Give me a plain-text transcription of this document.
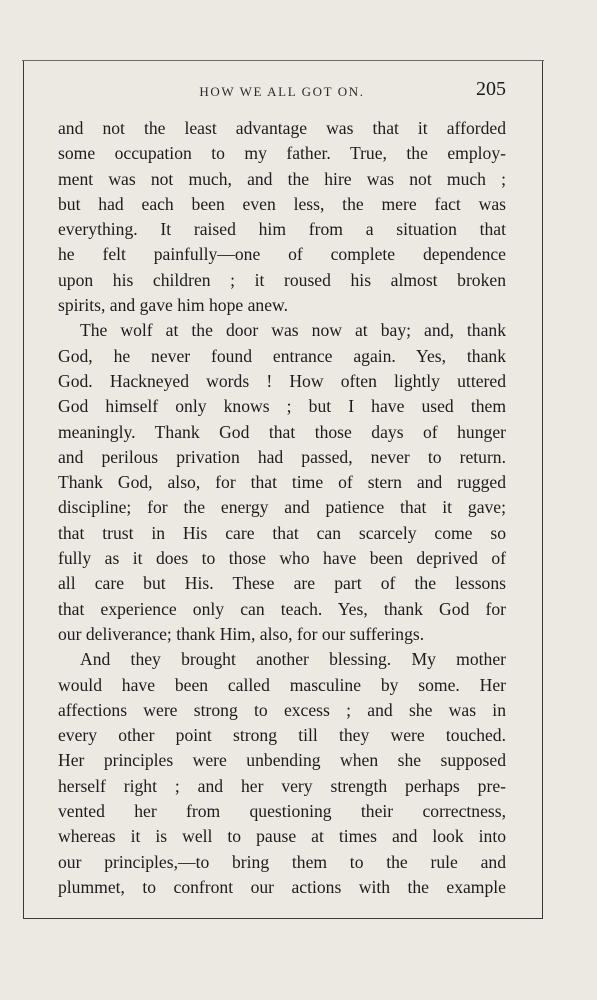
HOW WE ALL GOT ON.	205
and not the least advantage was that it afforded
some occupation to my father. True, the employ-
ment was not much, and the hire was not much ;
but had each been even less, the mere fact was
everything. It raised him from a situation that
he felt painfully—one of complete dependence
upon his children ; it roused his almost broken
spirits, and gave him hope anew.
The wolf at the door was now at bay; and, thank
God, he never found entrance again. Yes, thank
God. Hackneyed words ! How often lightly uttered
God himself only knows ; but I have used them
meaningly. Thank God that those days of hunger
and perilous privation had passed, never to return.
Thank God, also, for that time of stern and rugged
discipline; for the energy and patience that it gave;
that trust in His care that can scarcely come so
fully as it does to those who have been deprived of
all care but His. These are part of the lessons
that experience only can teach. Yes, thank God for
our deliverance; thank Him, also, for our sufferings.
And they brought another blessing. My mother
would have been called masculine by some. Her
affections were strong to excess ; and she was in
every other point strong till they were touched.
Her principles were unbending when she supposed
herself right ; and her very strength perhaps pre-
vented her from questioning their correctness,
whereas it is well to pause at times and look into
our principles,—to bring them to the rule and
plummet, to confront our actions with the example
